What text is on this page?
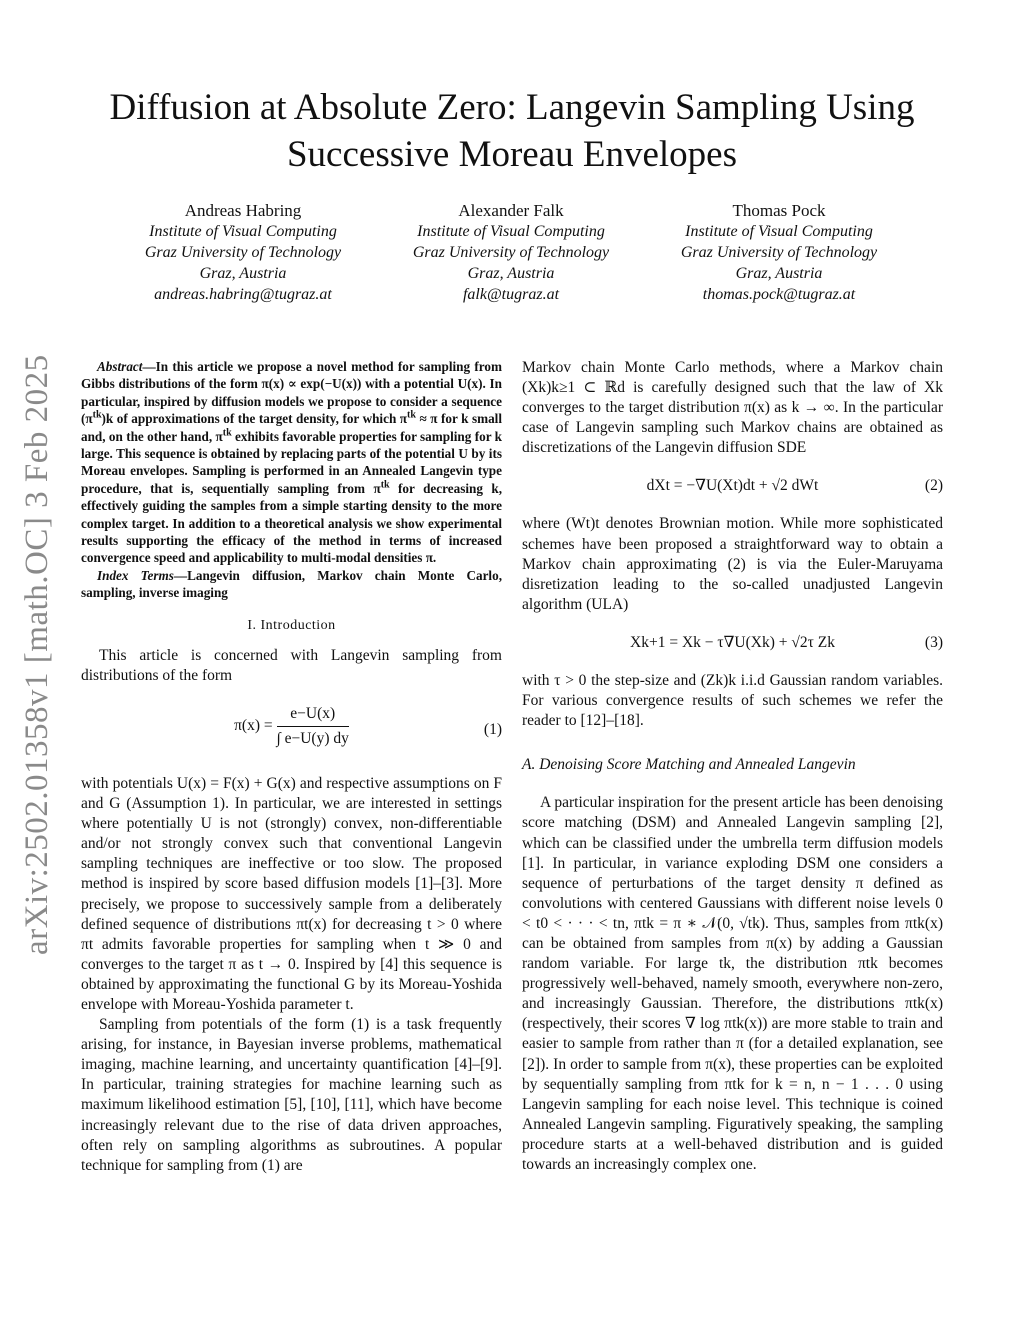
arXiv:2502.01358v1 [math.OC] 3 Feb 2025
Diffusion at Absolute Zero: Langevin Sampling Using Successive Moreau Envelopes
Andreas Habring
Institute of Visual Computing
Graz University of Technology
Graz, Austria
andreas.habring@tugraz.at
Alexander Falk
Institute of Visual Computing
Graz University of Technology
Graz, Austria
falk@tugraz.at
Thomas Pock
Institute of Visual Computing
Graz University of Technology
Graz, Austria
thomas.pock@tugraz.at

Abstract—In this article we propose a novel method for sampling from Gibbs distributions of the form π(x) ∝ exp(−U(x)) with a potential U(x). In particular, inspired by diffusion models we propose to consider a sequence $(\pi^{tk})k$ of approximations of the target density, for which $\pi^{tk} \approx \pi$ for k small and, on the other hand, $\pi^{tk}$ exhibits favorable properties for sampling for k large. This sequence is obtained by replacing parts of the potential U by its Moreau envelopes. Sampling is performed in an Annealed Langevin type procedure, that is, sequentially sampling from $\pi^{tk}$ for decreasing k, effectively guiding the samples from a simple starting density to the more complex target. In addition to a theoretical analysis we show experimental results supporting the efficacy of the method in terms of increased convergence speed and applicability to multi-modal densities π.

Index Terms—Langevin diffusion, Markov chain Monte Carlo, sampling, inverse imaging

I. Introduction

This article is concerned with Langevin sampling from distributions of the form

$\pi(x) = \frac{e-U(x)}{\int e-U(y) dy}$	(1)

with potentials U(x) = F(x) + G(x) and respective assumptions on F and G (Assumption 1). In particular, we are interested in settings where potentially U is not (strongly) convex, non-differentiable and/or not strongly convex such that conventional Langevin sampling techniques are ineffective or too slow. The proposed method is inspired by score based diffusion models [1]–[3]. More precisely, we propose to successively sample from a deliberately defined sequence of distributions πt(x) for decreasing t > 0 where πt admits favorable properties for sampling when t ≫ 0 and converges to the target π as t → 0. Inspired by [4] this sequence is obtained by approximating the functional G by its Moreau-Yoshida envelope with Moreau-Yoshida parameter t.

Sampling from potentials of the form (1) is a task frequently arising, for instance, in Bayesian inverse problems, mathematical imaging, machine learning, and uncertainty quantification [4]–[9]. In particular, training strategies for machine learning such as maximum likelihood estimation [5], [10], [11], which have become increasingly relevant due to the rise of data driven approaches, often rely on sampling algorithms as subroutines. A popular technique for sampling from (1) are

Markov chain Monte Carlo methods, where a Markov chain (Xk)k≥1 ⊂ ℝd is carefully designed such that the law of Xk converges to the target distribution π(x) as k → ∞. In the particular case of Langevin sampling such Markov chains are obtained as discretizations of the Langevin diffusion SDE

dXt = −∇U(Xt)dt + √2 dWt	(2)

where (Wt)t denotes Brownian motion. While more sophisticated schemes have been proposed a straightforward way to obtain a Markov chain approximating (2) is via the Euler-Maruyama disretization leading to the so-called unadjusted Langevin algorithm (ULA)

Xk+1 = Xk − τ∇U(Xk) + √2τ Zk	(3)

with τ > 0 the step-size and (Zk)k i.i.d Gaussian random variables. For various convergence results of such schemes we refer the reader to [12]–[18].

A. Denoising Score Matching and Annealed Langevin

A particular inspiration for the present article has been denoising score matching (DSM) and Annealed Langevin sampling [2], which can be classified under the umbrella term diffusion models [1]. In particular, in variance exploding DSM one considers a sequence of perturbations of the target density π defined as convolutions with centered Gaussians with different noise levels 0 < t0 < · · · < tn, πtk = π ∗ 𝒩(0, √tk). Thus, samples from πtk(x) can be obtained from samples from π(x) by adding a Gaussian random variable. For large tk, the distribution πtk becomes progressively well-behaved, namely smooth, everywhere non-zero, and increasingly Gaussian. Therefore, the distributions πtk(x) (respectively, their scores ∇ log πtk(x)) are more stable to train and easier to sample from rather than π (for a detailed explanation, see [2]). In order to sample from π(x), these properties can be exploited by sequentially sampling from πtk for k = n, n − 1 . . . 0 using Langevin sampling for each noise level. This technique is coined Annealed Langevin sampling. Figuratively speaking, the sampling procedure starts at a well-behaved distribution and is guided towards an increasingly complex one.
